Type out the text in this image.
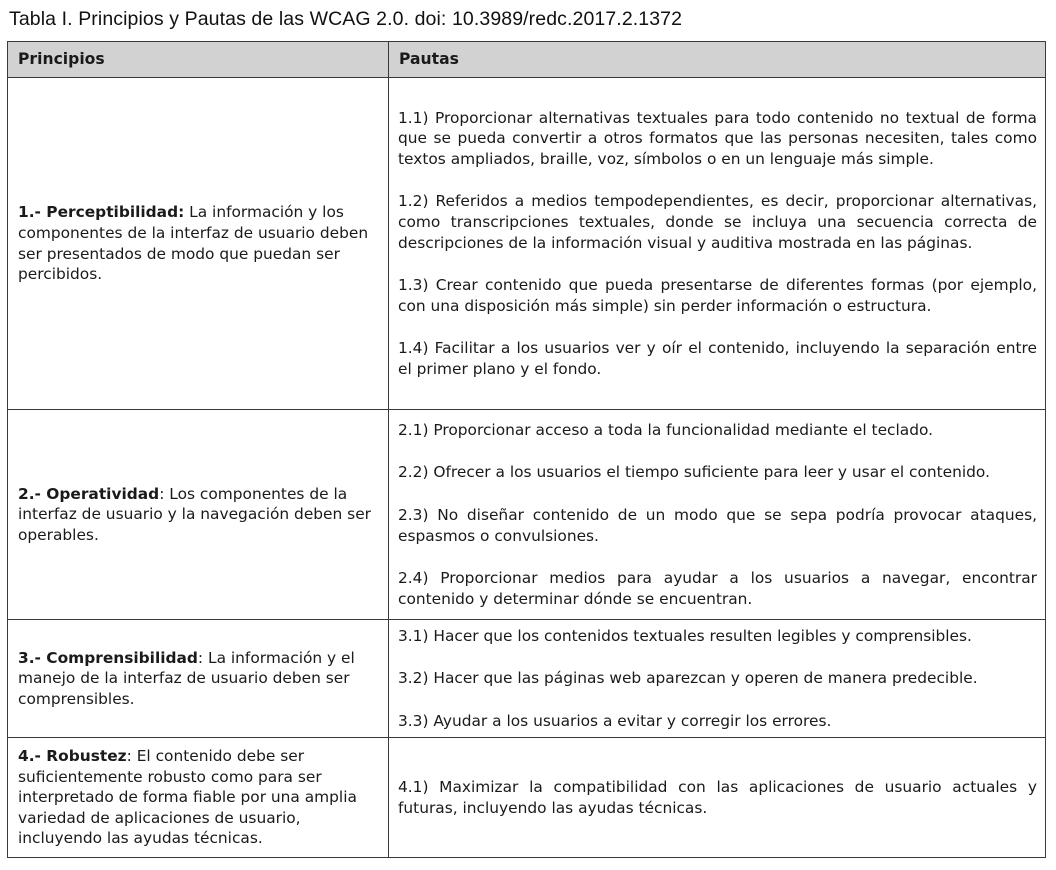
Tabla I. Principios y Pautas de las WCAG 2.0. doi: 10.3989/redc.2017.2.1372
Principios	Pautas
1.- Perceptibilidad: La información y los componentes de la interfaz de usuario deben ser presentados de modo que puedan ser percibidos.	1.1) Proporcionar alternativas textuales para todo contenido no textual de forma que se pueda convertir a otros formatos que las personas necesiten, tales como textos ampliados, braille, voz, símbolos o en un lenguaje más simple.
1.2) Referidos a medios tempodependientes, es decir, proporcionar alternativas, como transcripciones textuales, donde se incluya una secuencia correcta de descripciones de la información visual y auditiva mostrada en las páginas.
1.3) Crear contenido que pueda presentarse de diferentes formas (por ejemplo, con una disposición más simple) sin perder información o estructura.
1.4) Facilitar a los usuarios ver y oír el contenido, incluyendo la separación entre el primer plano y el fondo.

2.- Operatividad: Los componentes de la interfaz de usuario y la navegación deben ser operables.	2.1) Proporcionar acceso a toda la funcionalidad mediante el teclado.
2.2) Ofrecer a los usuarios el tiempo suficiente para leer y usar el contenido.
2.3) No diseñar contenido de un modo que se sepa podría provocar ataques, espasmos o convulsiones.
2.4) Proporcionar medios para ayudar a los usuarios a navegar, encontrar contenido y determinar dónde se encuentran.

3.- Comprensibilidad: La información y el manejo de la interfaz de usuario deben ser comprensibles.	3.1) Hacer que los contenidos textuales resulten legibles y comprensibles.
3.2) Hacer que las páginas web aparezcan y operen de manera predecible.
3.3) Ayudar a los usuarios a evitar y corregir los errores.

4.- Robustez: El contenido debe ser suficientemente robusto como para ser interpretado de forma fiable por una amplia variedad de aplicaciones de usuario, incluyendo las ayudas técnicas.	4.1) Maximizar la compatibilidad con las aplicaciones de usuario actuales y futuras, incluyendo las ayudas técnicas.
